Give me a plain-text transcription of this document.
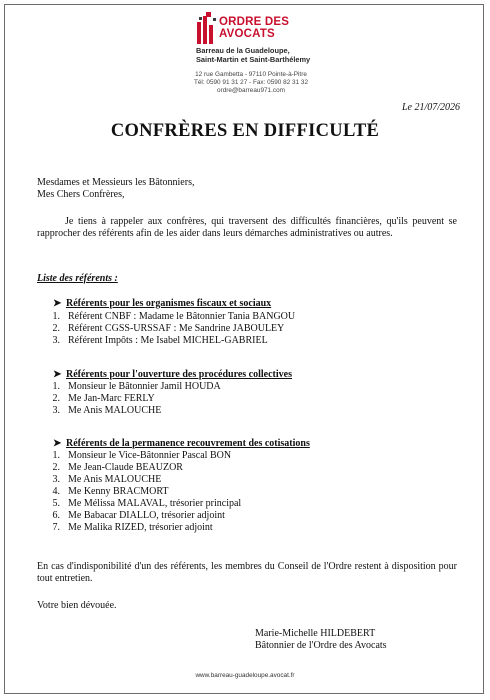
ORDRE DES
AVOCATS
Barreau de la Guadeloupe,
Saint-Martin et Saint-Barthélemy
12 rue Gambetta - 97110 Pointe-à-Pitre
Tél: 0590 91 31 27 - Fax: 0590 82 31 32
ordre@barreau971.com
Le 21/07/2026
CONFRÈRES EN DIFFICULTÉ
Mesdames et Messieurs les Bâtonniers,
Mes Chers Confrères,
Je tiens à rappeler aux confrères, qui traversent des difficultés financières, qu'ils peuvent se rapprocher des référents afin de les aider dans leurs démarches administratives ou autres.
Liste des référents :
➤ Référents pour les organismes fiscaux et sociaux
1. Référent CNBF : Madame le Bâtonnier Tania BANGOU
2. Référent CGSS-URSSAF : Me Sandrine JABOULEY
3. Référent Impôts : Me Isabel MICHEL-GABRIEL
➤ Référents pour l'ouverture des procédures collectives
1. Monsieur le Bâtonnier Jamil HOUDA
2. Me Jan-Marc FERLY
3. Me Anis MALOUCHE
➤ Référents de la permanence recouvrement des cotisations
1. Monsieur le Vice-Bâtonnier Pascal BON
2. Me Jean-Claude BEAUZOR
3. Me Anis MALOUCHE
4. Me Kenny BRACMORT
5. Me Mélissa MALAVAL, trésorier principal
6. Me Babacar DIALLO, trésorier adjoint
7. Me Malika RIZED, trésorier adjoint
En cas d'indisponibilité d'un des référents, les membres du Conseil de l'Ordre restent à disposition pour tout entretien.
Votre bien dévouée.
Marie-Michelle HILDEBERT
Bâtonnier de l'Ordre des Avocats
www.barreau-guadeloupe.avocat.fr
